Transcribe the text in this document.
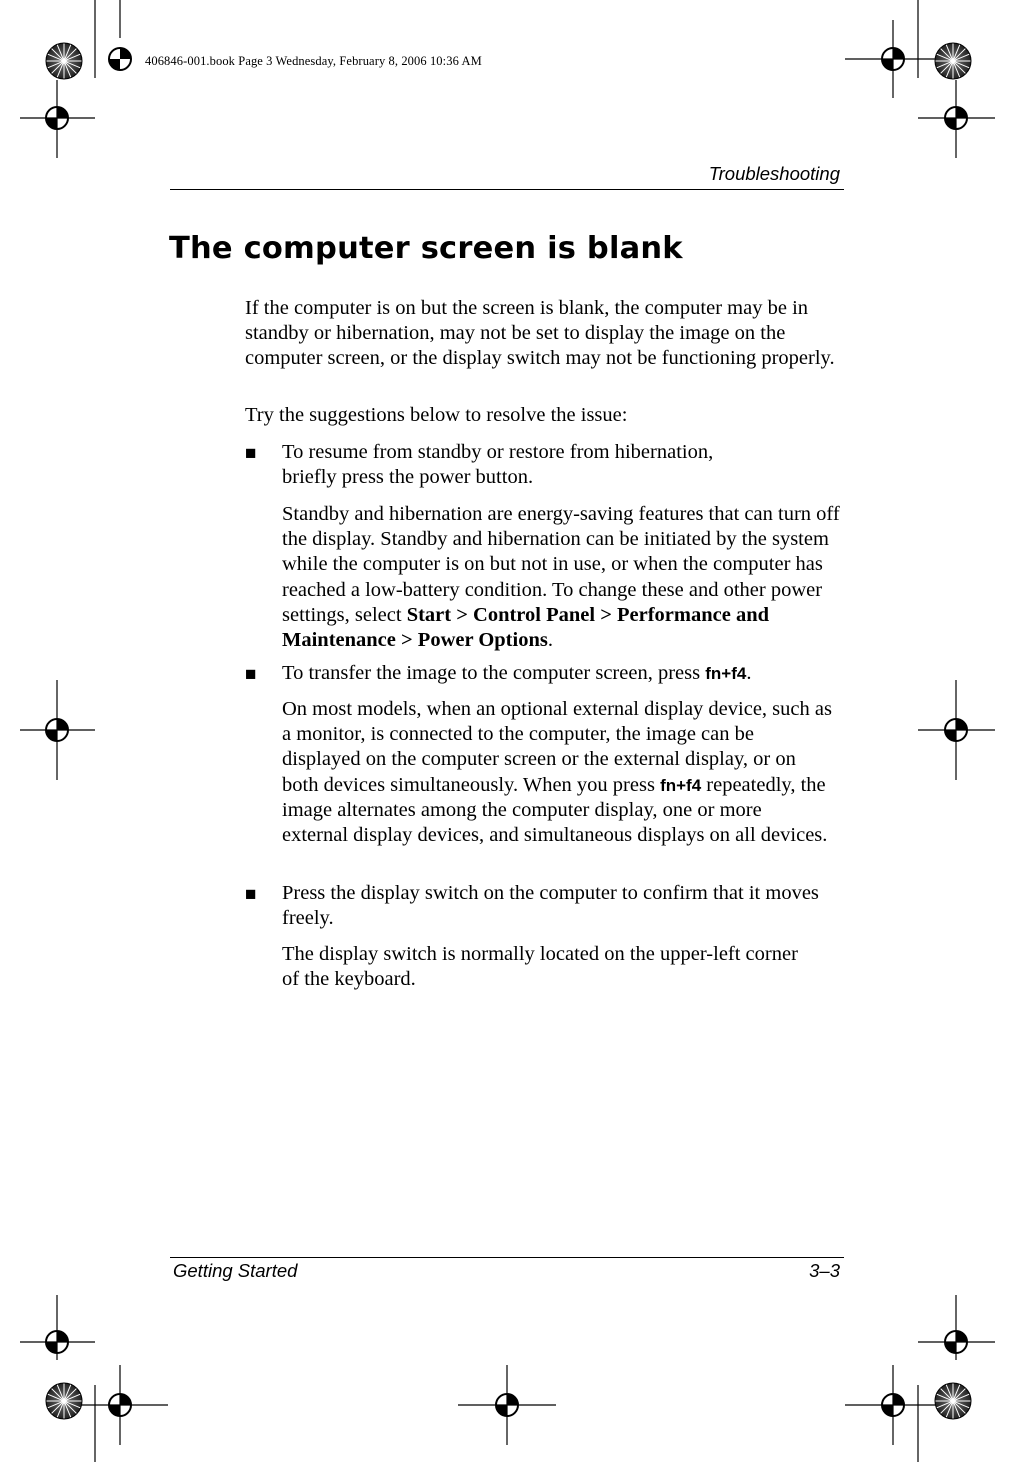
406846-001.book Page 3 Wednesday, February 8, 2006 10:36 AM
Troubleshooting
The computer screen is blank
If the computer is on but the screen is blank, the computer may be in standby or hibernation, may not be set to display the image on the computer screen, or the display switch may not be functioning properly.
Try the suggestions below to resolve the issue:
■ To resume from standby or restore from hibernation, briefly press the power button.
Standby and hibernation are energy-saving features that can turn off the display. Standby and hibernation can be initiated by the system while the computer is on but not in use, or when the computer has reached a low-battery condition. To change these and other power settings, select Start > Control Panel > Performance and Maintenance > Power Options.
■ To transfer the image to the computer screen, press fn+f4.
On most models, when an optional external display device, such as a monitor, is connected to the computer, the image can be displayed on the computer screen or the external display, or on both devices simultaneously. When you press fn+f4 repeatedly, the image alternates among the computer display, one or more external display devices, and simultaneous displays on all devices.
■ Press the display switch on the computer to confirm that it moves freely.
The display switch is normally located on the upper-left corner of the keyboard.
Getting Started	3–3
